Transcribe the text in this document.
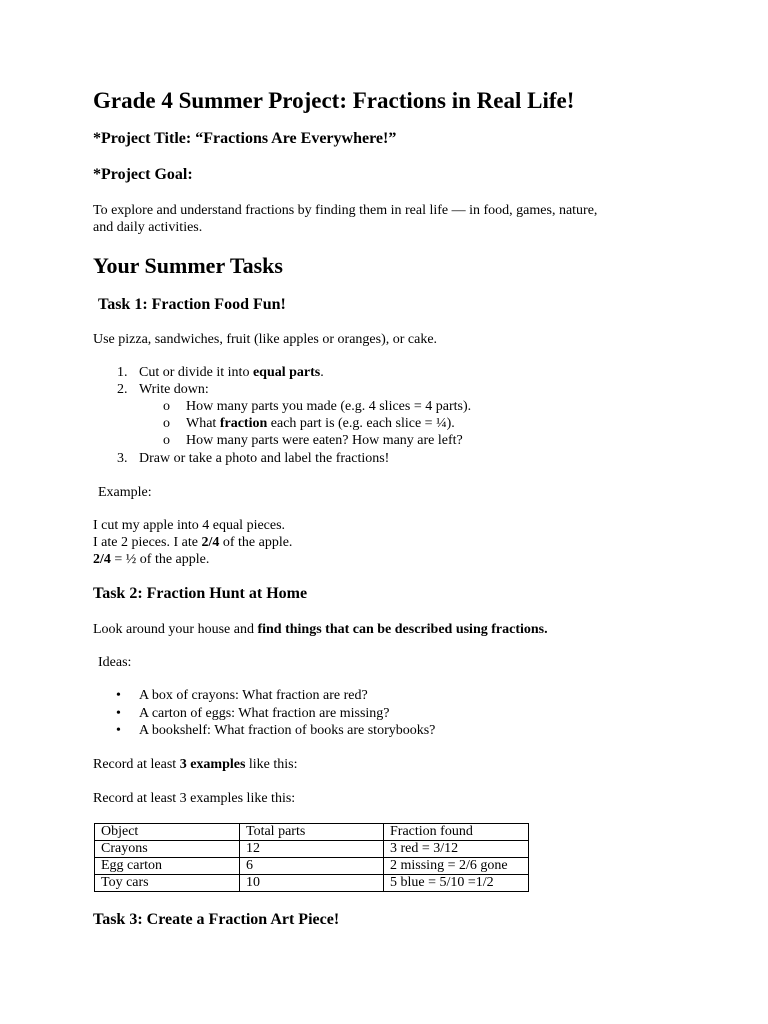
Grade 4 Summer Project: Fractions in Real Life!
*Project Title: “Fractions Are Everywhere!”
*Project Goal:
To explore and understand fractions by finding them in real life — in food, games, nature,
and daily activities.
Your Summer Tasks
Task 1: Fraction Food Fun!
Use pizza, sandwiches, fruit (like apples or oranges), or cake.
1. Cut or divide it into equal parts.
2. Write down:
o How many parts you made (e.g. 4 slices = 4 parts).
o What fraction each part is (e.g. each slice = ¼).
o How many parts were eaten? How many are left?
3. Draw or take a photo and label the fractions!
Example:
I cut my apple into 4 equal pieces.
I ate 2 pieces. I ate 2/4 of the apple.
2/4 = ½ of the apple.
Task 2: Fraction Hunt at Home
Look around your house and find things that can be described using fractions.
Ideas:
• A box of crayons: What fraction are red?
• A carton of eggs: What fraction are missing?
• A bookshelf: What fraction of books are storybooks?
Record at least 3 examples like this:
Record at least 3 examples like this:
Object	Total parts	Fraction found
Crayons	12	3 red = 3/12
Egg carton	6	2 missing = 2/6 gone
Toy cars	10	5 blue = 5/10 =1/2
Task 3: Create a Fraction Art Piece!
